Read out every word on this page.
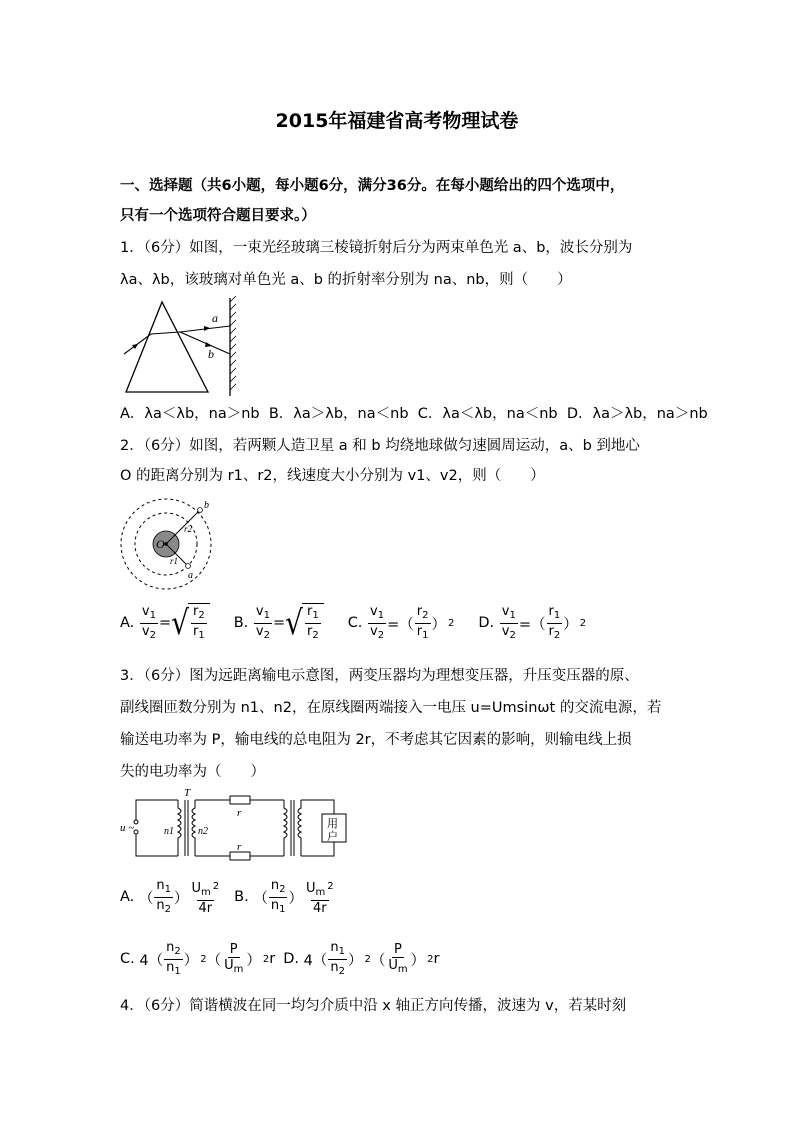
2015年福建省高考物理试卷
一、选择题（共6小题，每小题6分，满分36分。在每小题给出的四个选项中，
只有一个选项符合题目要求。）
1．（6分）如图，一束光经玻璃三棱镜折射后分为两束单色光 a、b，波长分别为
λa、λb，该玻璃对单色光 a、b 的折射率分别为 na、nb，则（　　）
a
b
A．λa＜λb，na＞nb B．λa＞λb，na＜nb C．λa＜λb，na＜nb D．λa＞λb，na＞nb
2．（6分）如图，若两颗人造卫星 a 和 b 均绕地球做匀速圆周运动，a、b 到地心
O 的距离分别为 r1、r2，线速度大小分别为 v1、v2，则（　　）
O
b
a
r2
r1
A.
$\frac{v_1}{v_2}$ = √ $\frac{r_2}{r_1} B$.
$\frac{v_1}{v_2}$ = √ $\frac{r_1}{r_2} C$.
$\frac{v_1}{v_2}$ =（ $\frac{r_2}{r_1}$ ） 2 D.
$\frac{v_1}{v_2}$ =（ $\frac{r_1}{r_2}$ ） 2
3．（6分）图为远距离输电示意图，两变压器均为理想变压器，升压变压器的原、
副线圈匝数分别为 n1、n2，在原线圈两端接入一电压 u=Umsinωt 的交流电源，若
输送电功率为 P，输电线的总电阻为 2r，不考虑其它因素的影响，则输电线上损
失的电功率为（　　）
u ~
T
n1 n2
r
r
用
户
A. （ $\frac{n_1}{n_2}$ ） $\frac{U_m^2}{4r} B$. （ $\frac{n_2}{n_1}$ ） $\frac{U_m^2}{4r}$
C. $4( \frac{n_2}{n_1}$ ） 2 （ $\frac{P}{U_m}$ ） 2 r D. $4( \frac{n_1}{n_2}$ ） 2 （ $\frac{P}{U_m}$ ） 2 r
4．（6分）简谐横波在同一均匀介质中沿 x 轴正方向传播，波速为 v，若某时刻
